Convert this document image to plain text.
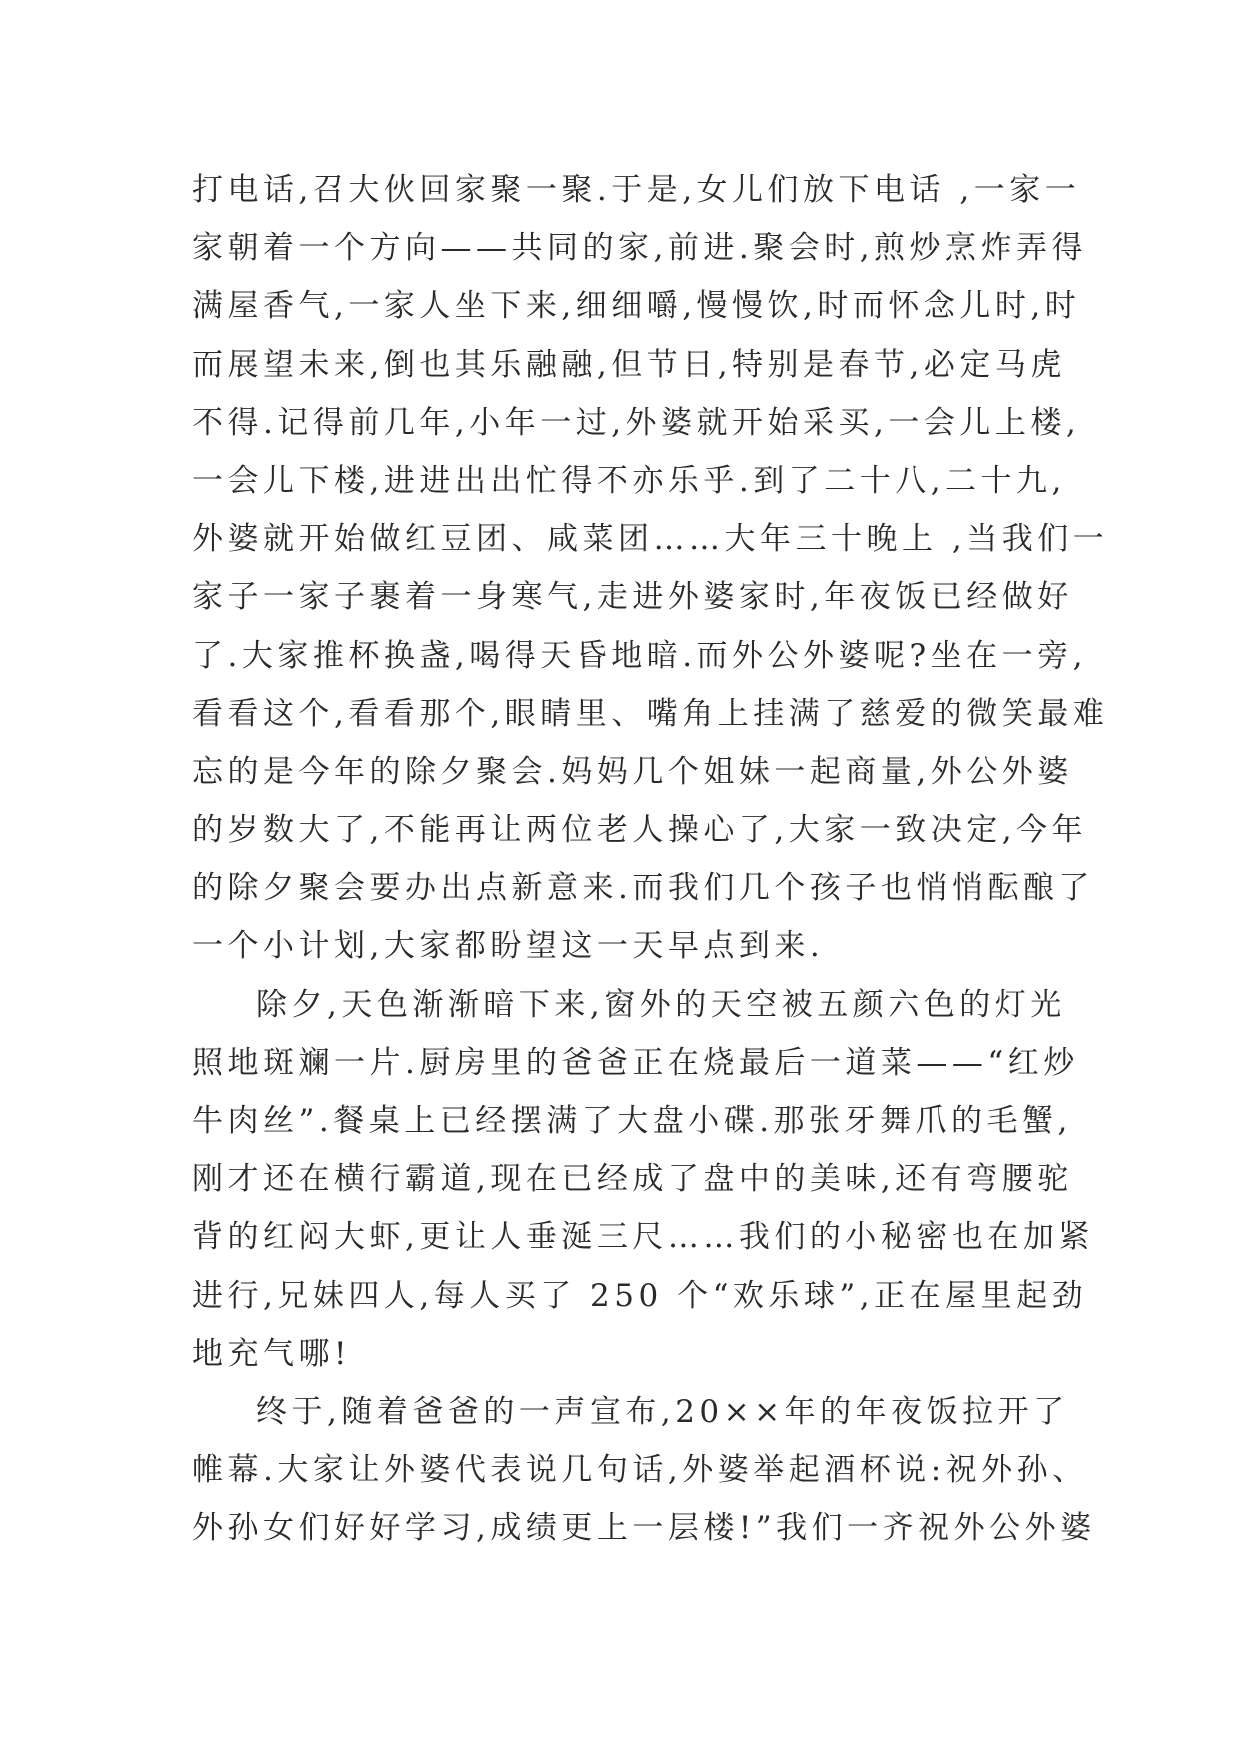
打电话,召大伙回家聚一聚.于是,女儿们放下电话 ,一家一
家朝着一个方向——共同的家,前进.聚会时,煎炒烹炸弄得
满屋香气,一家人坐下来,细细嚼,慢慢饮,时而怀念儿时,时
而展望未来,倒也其乐融融,但节日,特别是春节,必定马虎
不得.记得前几年,小年一过,外婆就开始采买,一会儿上楼,
一会儿下楼,进进出出忙得不亦乐乎.到了二十八,二十九,
外婆就开始做红豆团、咸菜团……大年三十晚上 ,当我们一
家子一家子裹着一身寒气,走进外婆家时,年夜饭已经做好
了.大家推杯换盏,喝得天昏地暗.而外公外婆呢?坐在一旁,
看看这个,看看那个,眼睛里、嘴角上挂满了慈爱的微笑最难
忘的是今年的除夕聚会.妈妈几个姐妹一起商量,外公外婆
的岁数大了,不能再让两位老人操心了,大家一致决定,今年
的除夕聚会要办出点新意来.而我们几个孩子也悄悄酝酿了
一个小计划,大家都盼望这一天早点到来.
除夕,天色渐渐暗下来,窗外的天空被五颜六色的灯光
照地斑斓一片.厨房里的爸爸正在烧最后一道菜——“红炒
牛肉丝”.餐桌上已经摆满了大盘小碟.那张牙舞爪的毛蟹,
刚才还在横行霸道,现在已经成了盘中的美味,还有弯腰驼
背的红闷大虾,更让人垂涎三尺……我们的小秘密也在加紧
进行,兄妹四人,每人买了 250 个“欢乐球”,正在屋里起劲
地充气哪!
终于,随着爸爸的一声宣布,20××年的年夜饭拉开了
帷幕.大家让外婆代表说几句话,外婆举起酒杯说:祝外孙、
外孙女们好好学习,成绩更上一层楼!”我们一齐祝外公外婆
